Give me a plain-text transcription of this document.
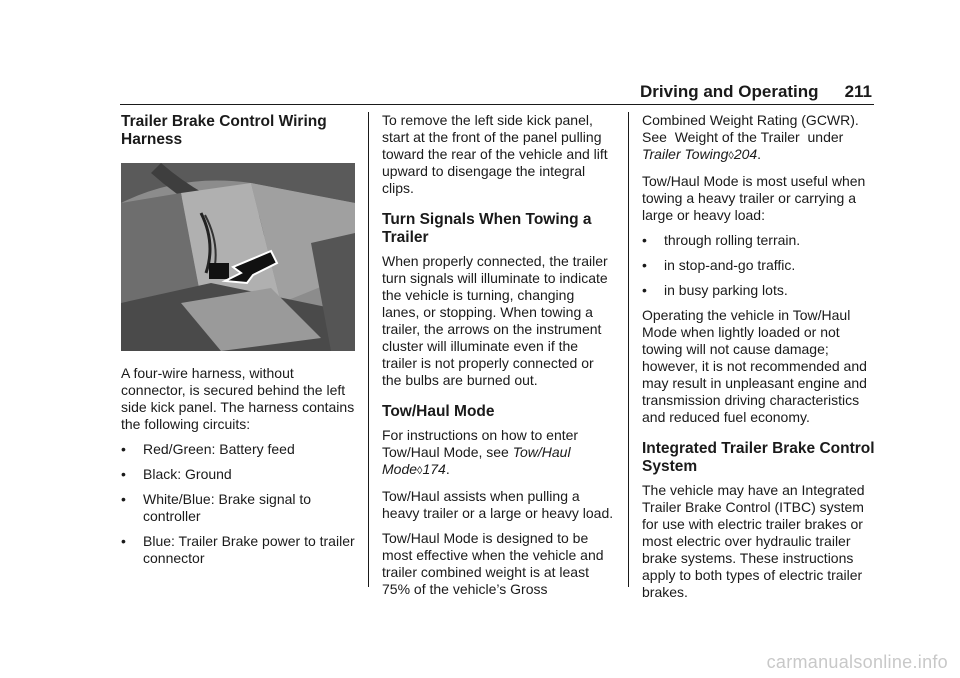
Driving and Operating 211
Trailer Brake Control Wiring Harness

A four-wire harness, without connector, is secured behind the left side kick panel. The harness contains the following circuits:

• Red/Green: Battery feed
• Black: Ground
• White/Blue: Brake signal to controller
• Blue: Trailer Brake power to trailer connector

To remove the left side kick panel, start at the front of the panel pulling toward the rear of the vehicle and lift upward to disengage the integral clips.

Turn Signals When Towing a Trailer

When properly connected, the trailer turn signals will illuminate to indicate the vehicle is turning, changing lanes, or stopping. When towing a trailer, the arrows on the instrument cluster will illuminate even if the trailer is not properly connected or the bulbs are burned out.

Tow/Haul Mode

For instructions on how to enter Tow/Haul Mode, see Tow/Haul Mode◊174.

Tow/Haul assists when pulling a heavy trailer or a large or heavy load.

Tow/Haul Mode is designed to be most effective when the vehicle and trailer combined weight is at least 75% of the vehicle’s Gross

Combined Weight Rating (GCWR). See  Weight of the Trailer  under Trailer Towing◊204.

Tow/Haul Mode is most useful when towing a heavy trailer or carrying a large or heavy load:

• through rolling terrain.
• in stop-and-go traffic.
• in busy parking lots.

Operating the vehicle in Tow/Haul Mode when lightly loaded or not towing will not cause damage; however, it is not recommended and may result in unpleasant engine and transmission driving characteristics and reduced fuel economy.

Integrated Trailer Brake Control System

The vehicle may have an Integrated Trailer Brake Control (ITBC) system for use with electric trailer brakes or most electric over hydraulic trailer brake systems. These instructions apply to both types of electric trailer brakes.

carmanualsonline.info
